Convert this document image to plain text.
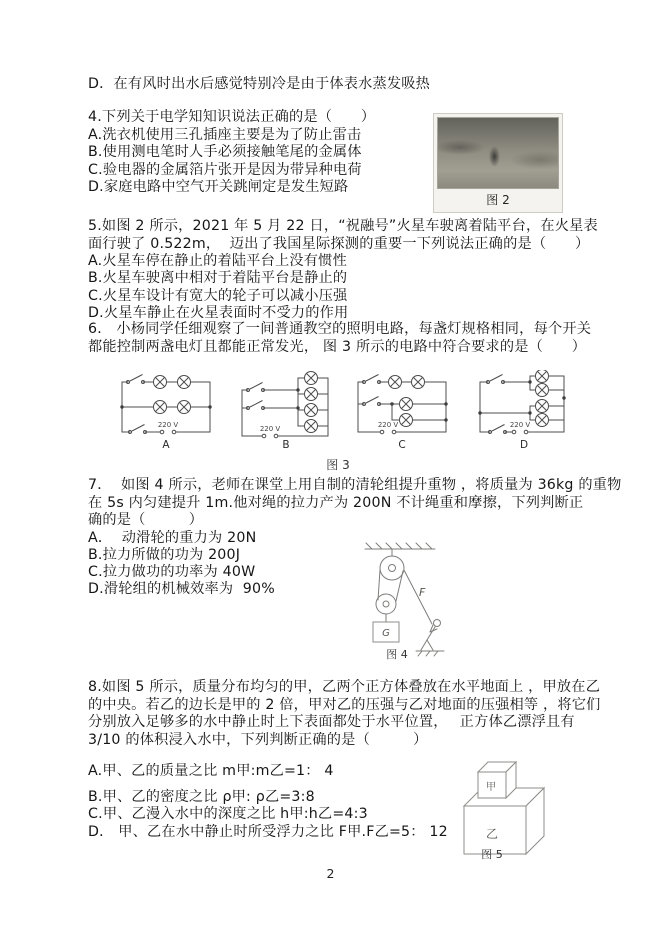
D．在有风时出水后感觉特别冷是由于体表水蒸发吸热
4.下列关于电学知知识说法正确的是（　　）
A.洗衣机使用三孔插座主要是为了防止雷击
B.使用测电笔时人手必须接触笔尾的金属体
C.验电器的金属箔片张开是因为带异种电荷
D.家庭电路中空气开关跳闸定是发生短路
图 2
5.如图 2 所示，2021 年 5 月 22 日，“祝融号”火星车驶离着陆平台，在火星表
面行驶了 0.522m，  迈出了我国星际探测的重要一下列说法正确的是（　　）
A.火星车停在静止的着陆平台上没有惯性
B.火星车驶离中相对于着陆平台是静止的
C.火星车设计有宽大的轮子可以减小压强
D.火星车静止在火星表面时不受力的作用
6． 小杨同学任细观察了一间普通教空的照明电路，每盏灯规格相同，每个开关
都能控制两盏电灯且都能正常发光， 图 3 所示的电路中符合要求的是（　　）
220 V
A
220 V
B
220 V
C
220 V
D
图 3
7．  如图 4 所示，老师在课堂上用自制的清轮组提升重物 ，将质量为 36kg 的重物
在 5s 内匀建提升 1m.他对绳的拉力产为 200N 不计绳重和摩擦，下列判断正
确的是（　　　）
A．  动滑轮的重力为 20N
B.拉力所做的功为 200J
C.拉力做功的功率为 40W
D.滑轮组的机械效率为  90%
G
F
图 4
8.如图 5 所示，质量分布均匀的甲，乙两个正方体叠放在水平地面上 ，甲放在乙
的中央。若乙的边长是甲的 2 倍，甲对乙的压强与乙对地面的压强相等 ，将它们
分别放入足够多的水中静止时上下表面都处于水平位置，　 正方体乙漂浮且有
3/10 的体积浸入水中，下列判断正确的是（　　　）
A.甲、乙的质量之比 m甲:m乙=1： 4
B.甲、乙的密度之比 ρ甲: ρ乙=3:8
C.甲、乙漫入水中的深度之比 h甲:h乙=4:3
D． 甲、乙在水中静止时所受浮力之比 F甲.F乙=5： 12
甲
乙
图 5
2
